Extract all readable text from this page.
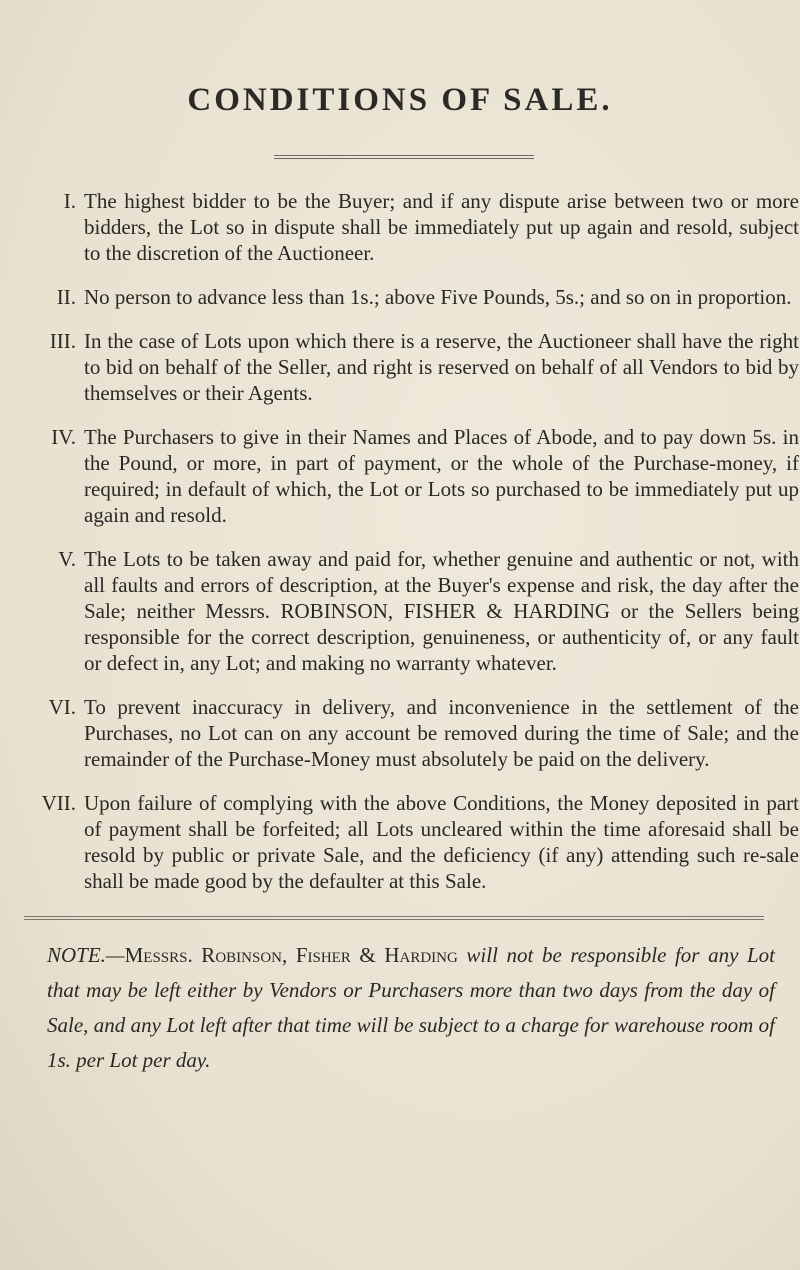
CONDITIONS OF SALE.
I. The highest bidder to be the Buyer; and if any dispute arise between two or more bidders, the Lot so in dispute shall be immediately put up again and resold, subject to the discretion of the Auctioneer.
II. No person to advance less than 1s.; above Five Pounds, 5s.; and so on in proportion.
III. In the case of Lots upon which there is a reserve, the Auctioneer shall have the right to bid on behalf of the Seller, and right is reserved on behalf of all Vendors to bid by themselves or their Agents.
IV. The Purchasers to give in their Names and Places of Abode, and to pay down 5s. in the Pound, or more, in part of payment, or the whole of the Purchase-money, if required; in default of which, the Lot or Lots so purchased to be immediately put up again and resold.
V. The Lots to be taken away and paid for, whether genuine and authentic or not, with all faults and errors of description, at the Buyer's expense and risk, the day after the Sale; neither Messrs. ROBINSON, FISHER & HARDING or the Sellers being responsible for the correct description, genuineness, or authenticity of, or any fault or defect in, any Lot; and making no warranty whatever.
VI. To prevent inaccuracy in delivery, and inconvenience in the settlement of the Purchases, no Lot can on any account be removed during the time of Sale; and the remainder of the Purchase-Money must absolutely be paid on the delivery.
VII. Upon failure of complying with the above Conditions, the Money deposited in part of payment shall be forfeited; all Lots uncleared within the time aforesaid shall be resold by public or private Sale, and the deficiency (if any) attending such re-sale shall be made good by the defaulter at this Sale.
NOTE.—Messrs. Robinson, Fisher & Harding will not be responsible for any Lot that may be left either by Vendors or Purchasers more than two days from the day of Sale, and any Lot left after that time will be subject to a charge for warehouse room of 1s. per Lot per day.
